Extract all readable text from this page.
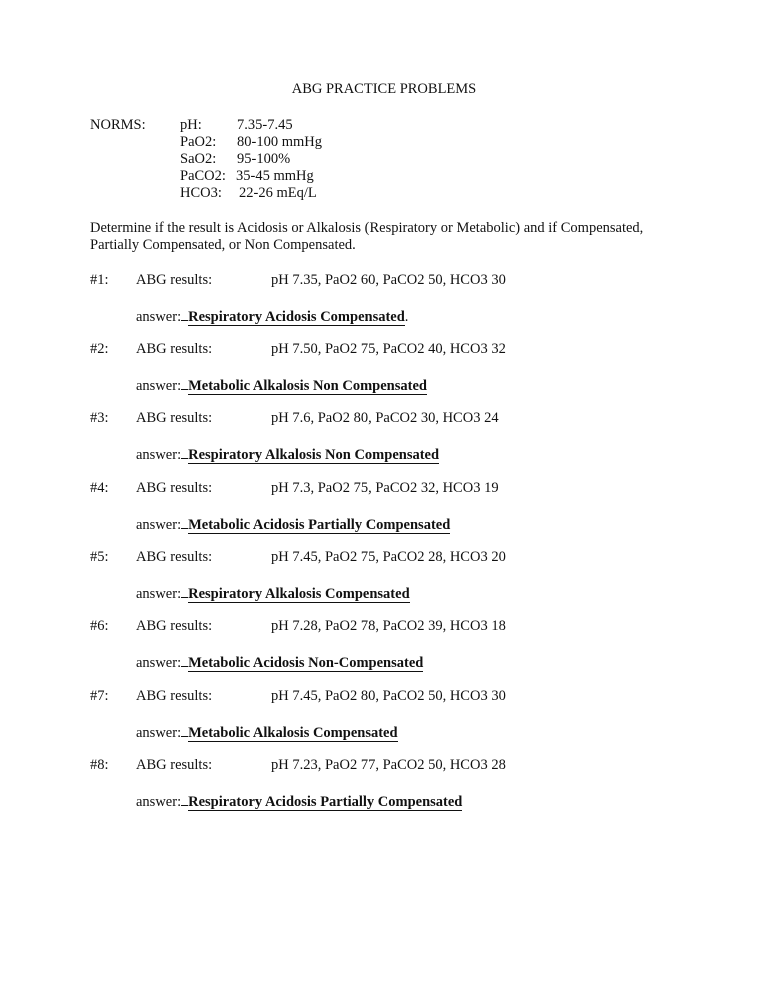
ABG PRACTICE PROBLEMS
NORMS: pH: 7.35-7.45
PaO2: 80-100 mmHg
SaO2: 95-100%
PaCO2: 35-45 mmHg
HCO3: 22-26 mEq/L
Determine if the result is Acidosis or Alkalosis (Respiratory or Metabolic) and if Compensated, Partially Compensated, or Non Compensated.
#1: ABG results:	pH 7.35, PaO2 60, PaCO2 50, HCO3 30
answer: Respiratory Acidosis Compensated.
#2: ABG results:	pH 7.50, PaO2 75, PaCO2 40, HCO3 32
answer: Metabolic Alkalosis Non Compensated
#3: ABG results:	pH 7.6, PaO2 80, PaCO2 30, HCO3 24
answer: Respiratory Alkalosis Non Compensated
#4: ABG results:	pH 7.3, PaO2 75, PaCO2 32, HCO3 19
answer: Metabolic Acidosis Partially Compensated
#5: ABG results:	pH 7.45, PaO2 75, PaCO2 28, HCO3 20
answer: Respiratory Alkalosis Compensated
#6: ABG results:	pH 7.28, PaO2 78, PaCO2 39, HCO3 18
answer: Metabolic Acidosis Non-Compensated
#7: ABG results:	pH 7.45, PaO2 80, PaCO2 50, HCO3 30
answer: Metabolic Alkalosis Compensated
#8: ABG results:	pH 7.23, PaO2 77, PaCO2 50, HCO3 28
answer: Respiratory Acidosis Partially Compensated
